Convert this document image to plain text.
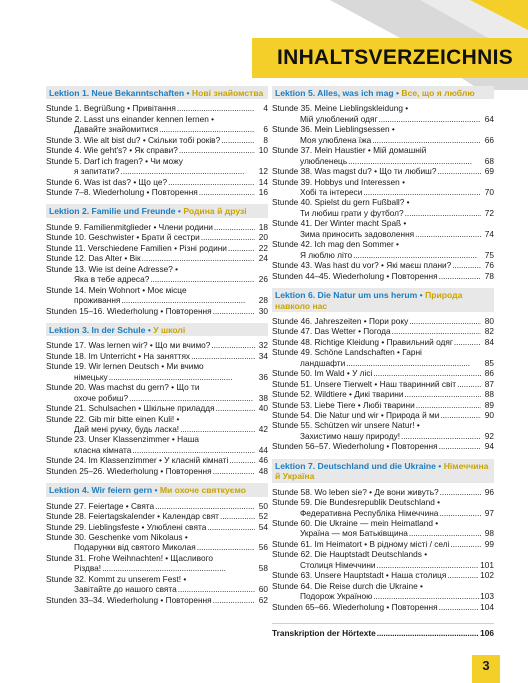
INHALTSVERZEICHNIS
Lektion 1. Neue Bekanntschaften • Нові знайомства
Stunde 1. Begrüßung • Привітання . . .	4
Stunde 2. Lasst uns einander kennen lernen •
Давайте знайомитися . . .	6
Stunde 3. Wie alt bist du? • Скільки тобі років? . . .	8
Stunde 4. Wie geht's? • Як справи? . . .	10
Stunde 5. Darf ich fragen? • Чи можу
я запитати? . . .	12
Stunde 6. Was ist das? • Що це? . . .	14
Stunde 7–8. Wiederholung • Повторення . . .	16
Lektion 2. Familie und Freunde • Родина й друзі
Stunde 9. Familienmitglieder • Члени родини . . .	18
Stunde 10. Geschwister • Брати й сестри . . .	20
Stunde 11. Verschiedene Familien • Різні родини . . .	22
Stunde 12. Das Alter • Вік . . .	24
Stunde 13. Wie ist deine Adresse? •
Яка в тебе адреса? . . .	26
Stunde 14. Mein Wohnort • Моє місце
проживання . . .	28
Stunden 15–16. Wiederholung • Повторення . . .	30
Lektion 3. In der Schule • У школі
Stunde 17. Was lernen wir? • Що ми вчимо? . . .	32
Stunde 18. Im Unterricht • На заняттях . . .	34
Stunde 19. Wir lernen Deutsch • Ми вчимо
німецьку . . .	36
Stunde 20. Was machst du gern? • Що ти
охоче робиш? . . .	38
Stunde 21. Schulsachen • Шкільне приладдя . . .	40
Stunde 22. Gib mir bitte einen Kuli! •
Дай мені ручку, будь ласка! . . .	42
Stunde 23. Unser Klassenzimmer • Наша
класна кімната . . .	44
Stunde 24. Im Klassenzimmer • У класній кімнаті . . .	46
Stunden 25–26. Wiederholung • Повторення . . .	48
Lektion 4. Wir feiern gern • Ми охоче святкуємо
Stunde 27. Feiertage • Свята . . .	50
Stunde 28. Feiertagskalender • Календар свят . . .	52
Stunde 29. Lieblingsfeste • Улюблені свята . . .	54
Stunde 30. Geschenke vom Nikolaus •
Подарунки від святого Миколая . . .	56
Stunde 31. Frohe Weihnachten! • Щасливого
Різдва! . . .	58
Stunde 32. Kommt zu unserem Fest! •
Завітайте до нашого свята . . .	60
Stunden 33–34. Wiederholung • Повторення . . .	62
Lektion 5. Alles, was ich mag • Все, що я люблю
Stunde 35. Meine Lieblingskleidung •
Мій улюблений одяг . . .	64
Stunde 36. Mein Lieblingsessen •
Моя улюблена їжа . . .	66
Stunde 37. Mein Haustier • Мій домашній
улюбленець . . .	68
Stunde 38. Was magst du? • Що ти любиш? . . .	69
Stunde 39. Hobbys und Interessen •
Хобі та інтереси . . .	70
Stunde 40. Spielst du gern Fußball? •
Ти любиш грати у футбол? . . .	72
Stunde 41. Der Winter macht Spaß •
Зима приносить задоволення . . .	74
Stunde 42. Ich mag den Sommer •
Я люблю літо . . .	75
Stunde 43. Was hast du vor? • Які маєш плани? . . .	76
Stunden 44–45. Wiederholung • Повторення . . .	78
Lektion 6. Die Natur um uns herum • Природа навколо нас
Stunde 46. Jahreszeiten • Пори року . . .	80
Stunde 47. Das Wetter • Погода . . .	82
Stunde 48. Richtige Kleidung • Правильний одяг . . .	84
Stunde 49. Schöne Landschaften • Гарні
ландшафти . . .	85
Stunde 50. Im Wald • У лісі . . .	86
Stunde 51. Unsere Tierwelt • Наш тваринний світ . . .	87
Stunde 52. Wildtiere • Дикі тварини . . .	88
Stunde 53. Liebe Tiere • Любі тварини . . .	89
Stunde 54. Die Natur und wir • Природа й ми . . .	90
Stunde 55. Schützen wir unsere Natur! •
Захистимо нашу природу! . . .	92
Stunden 56–57. Wiederholung • Повторення . . .	94
Lektion 7. Deutschland und die Ukraine • Німеччина й Україна
Stunde 58. Wo leben sie? • Де вони живуть? . . .	96
Stunde 59. Die Bundesrepublik Deutschland •
Федеративна Республіка Німеччина . . .	97
Stunde 60. Die Ukraine — mein Heimatland •
Україна — моя Батьківщина . . .	98
Stunde 61. Im Heimatort • В рідному місті / селі . . .	99
Stunde 62. Die Hauptstadt Deutschlands •
Столиця Німеччини . . .	101
Stunde 63. Unsere Hauptstadt • Наша столиця . . .	102
Stunde 64. Die Reise durch die Ukraine •
Подорож Україною . . .	103
Stunden 65–66. Wiederholung • Повторення . . .	104
Transkription der Hörtexte . . .	106
3
